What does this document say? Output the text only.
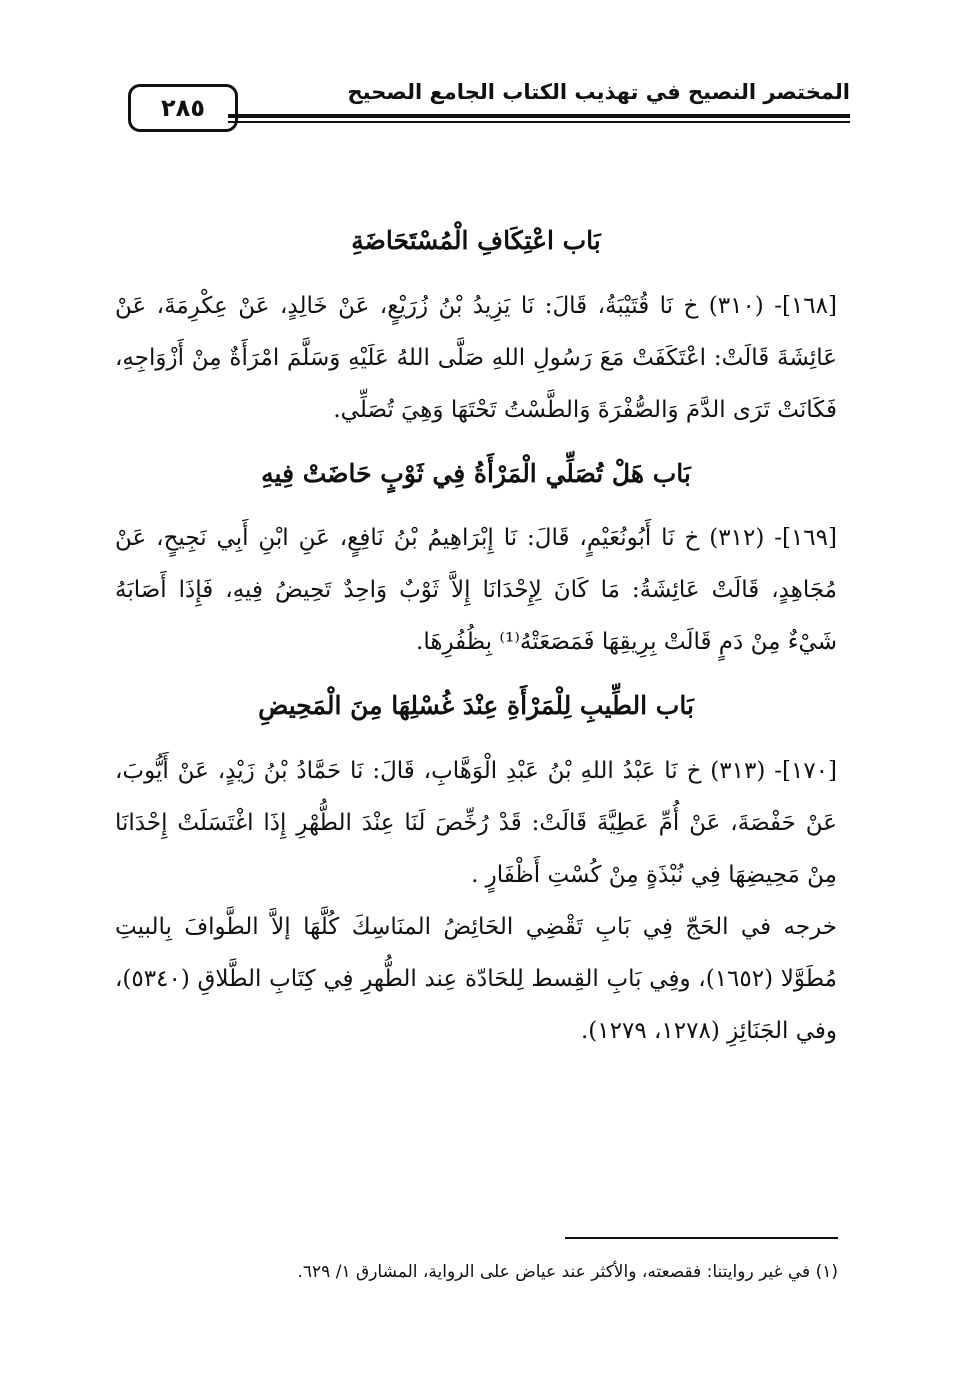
٢٨٥
المختصر النصيح في تهذيب الكتاب الجامع الصحيح
بَاب اعْتِكَافِ الْمُسْتَحَاضَةِ

[١٦٨]- (٣١٠) خ نَا قُتَيْبَةُ، قَالَ: نَا يَزِيدُ بْنُ زُرَيْعٍ، عَنْ خَالِدٍ، عَنْ عِكْرِمَةَ، عَنْ عَائِشَةَ قَالَتْ: اعْتَكَفَتْ مَعَ رَسُولِ اللهِ صَلَّى اللهُ عَلَيْهِ وَسَلَّمَ امْرَأَةٌ مِنْ أَزْوَاجِهِ، فَكَانَتْ تَرَى الدَّمَ وَالصُّفْرَةَ وَالطَّسْتُ تَحْتَهَا وَهِيَ تُصَلِّي.

بَاب هَلْ تُصَلِّي الْمَرْأَةُ فِي ثَوْبٍ حَاضَتْ فِيهِ

[١٦٩]- (٣١٢) خ نَا أَبُونُعَيْمٍ، قَالَ: نَا إِبْرَاهِيمُ بْنُ نَافِعٍ، عَنِ ابْنِ أَبِي نَجِيحٍ، عَنْ مُجَاهِدٍ، قَالَتْ عَائِشَةُ: مَا كَانَ لِإِحْدَانَا إِلاَّ ثَوْبٌ وَاحِدٌ تَحِيضُ فِيهِ، فَإِذَا أَصَابَهُ شَيْءٌ مِنْ دَمٍ قَالَتْ بِرِيقِهَا فَمَصَعَتْهُ⁽¹⁾ بِظُفُرِهَا.

بَاب الطِّيبِ لِلْمَرْأَةِ عِنْدَ غُسْلِهَا مِنَ الْمَحِيضِ

[١٧٠]- (٣١٣) خ نَا عَبْدُ اللهِ بْنُ عَبْدِ الْوَهَّابِ، قَالَ: نَا حَمَّادُ بْنُ زَيْدٍ، عَنْ أَيُّوبَ، عَنْ حَفْصَةَ، عَنْ أُمِّ عَطِيَّةَ قَالَتْ: قَدْ رُخِّصَ لَنَا عِنْدَ الطُّهْرِ إِذَا اغْتَسَلَتْ إِحْدَانَا مِنْ مَحِيضِهَا فِي نُبْذَةٍ مِنْ كُسْتِ أَظْفَارٍ .

خرجه في الحَجّ فِي بَابِ تَقْضِي الحَائِضُ المنَاسِكَ كُلَّهَا إلاَّ الطَّوافَ بِالبيتِ مُطَوَّلا (١٦٥٢)، وفِي بَابِ القِسط لِلحَادّة عِند الطُّهرِ فِي كِتَابِ الطَّلاقِ (٥٣٤٠)، وفي الجَنَائِزِ (١٢٧٨، ١٢٧٩).

(١) في غير روايتنا: فقصعته، والأكثر عند عياض على الرواية، المشارق ١/ ٦٢٩.
